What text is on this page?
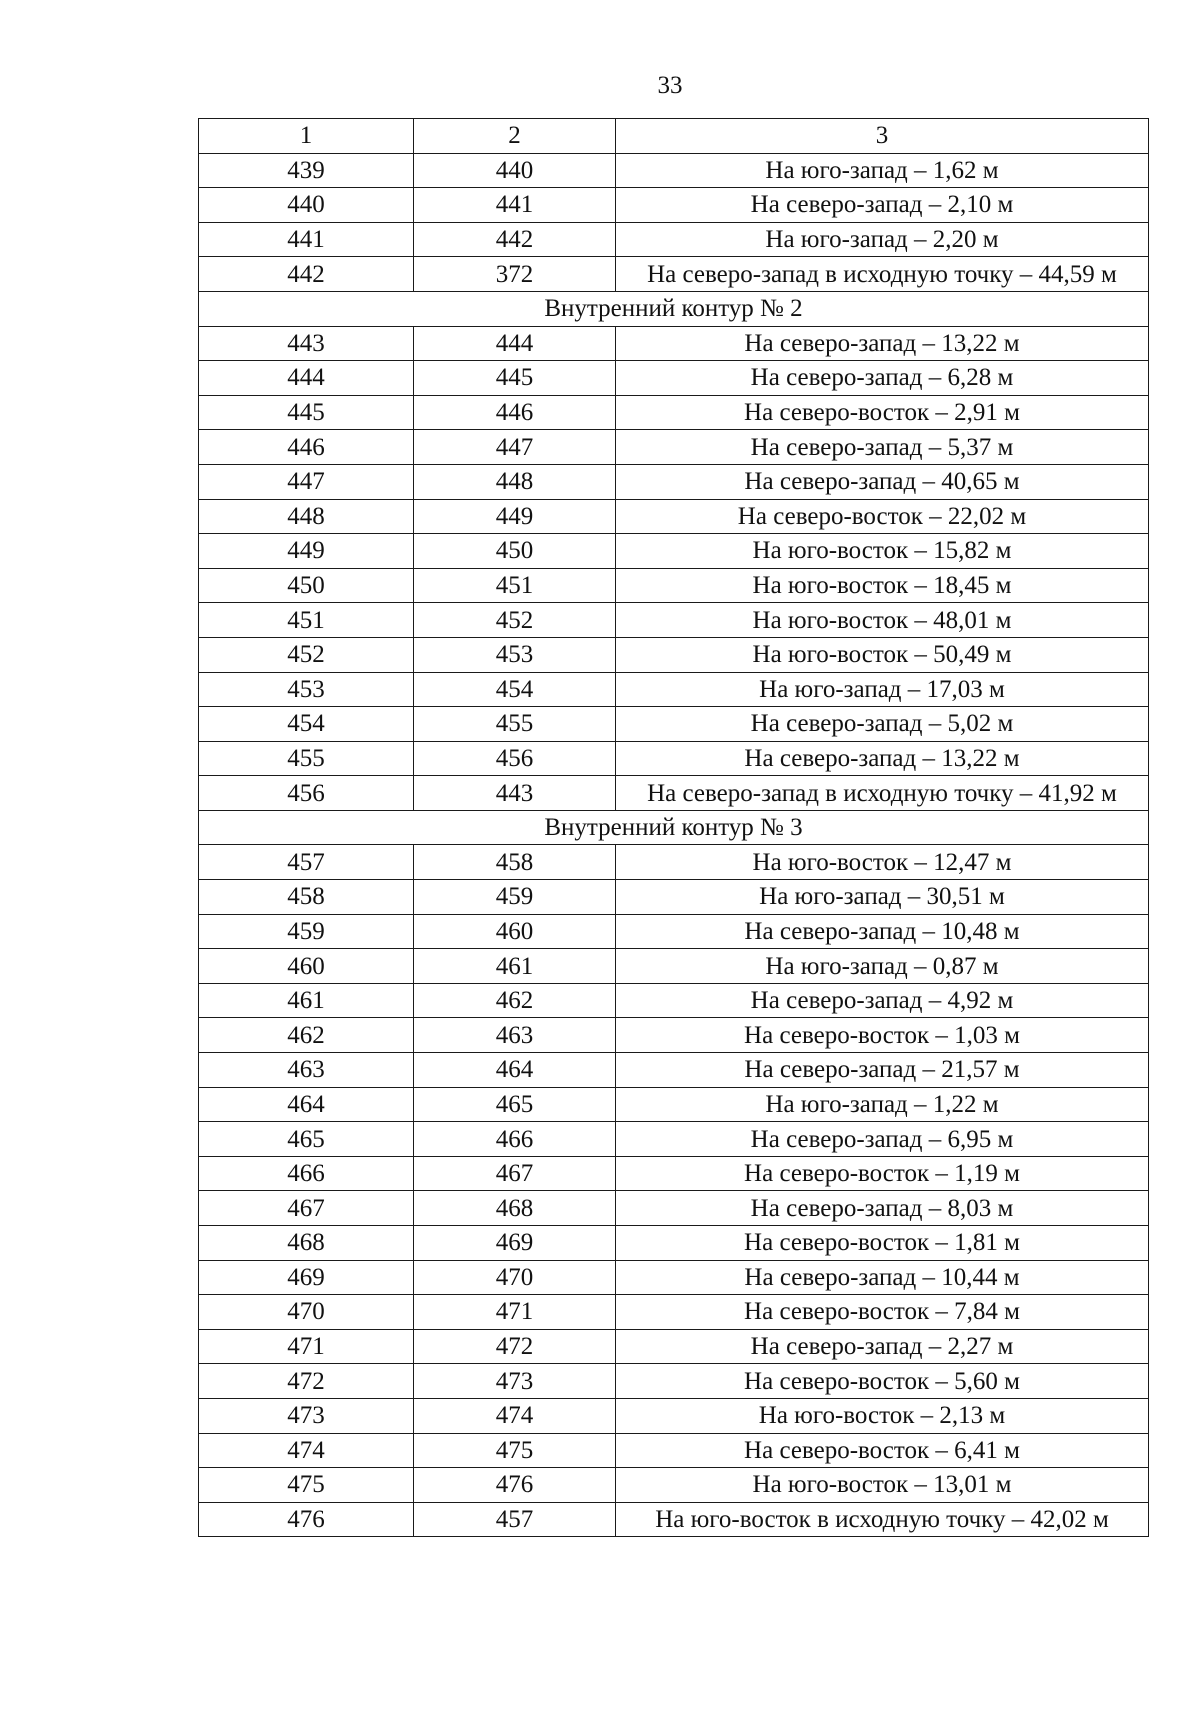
33
1	2	3
439	440	На юго-запад – 1,62 м
440	441	На северо-запад – 2,10 м
441	442	На юго-запад – 2,20 м
442	372	На северо-запад в исходную точку – 44,59 м
Внутренний контур № 2		
443	444	На северо-запад – 13,22 м
444	445	На северо-запад – 6,28 м
445	446	На северо-восток – 2,91 м
446	447	На северо-запад – 5,37 м
447	448	На северо-запад – 40,65 м
448	449	На северо-восток – 22,02 м
449	450	На юго-восток – 15,82 м
450	451	На юго-восток – 18,45 м
451	452	На юго-восток – 48,01 м
452	453	На юго-восток – 50,49 м
453	454	На юго-запад – 17,03 м
454	455	На северо-запад – 5,02 м
455	456	На северо-запад – 13,22 м
456	443	На северо-запад в исходную точку – 41,92 м
Внутренний контур № 3		
457	458	На юго-восток – 12,47 м
458	459	На юго-запад – 30,51 м
459	460	На северо-запад – 10,48 м
460	461	На юго-запад – 0,87 м
461	462	На северо-запад – 4,92 м
462	463	На северо-восток – 1,03 м
463	464	На северо-запад – 21,57 м
464	465	На юго-запад – 1,22 м
465	466	На северо-запад – 6,95 м
466	467	На северо-восток – 1,19 м
467	468	На северо-запад – 8,03 м
468	469	На северо-восток – 1,81 м
469	470	На северо-запад – 10,44 м
470	471	На северо-восток – 7,84 м
471	472	На северо-запад – 2,27 м
472	473	На северо-восток – 5,60 м
473	474	На юго-восток – 2,13 м
474	475	На северо-восток – 6,41 м
475	476	На юго-восток – 13,01 м
476	457	На юго-восток в исходную точку – 42,02 м
